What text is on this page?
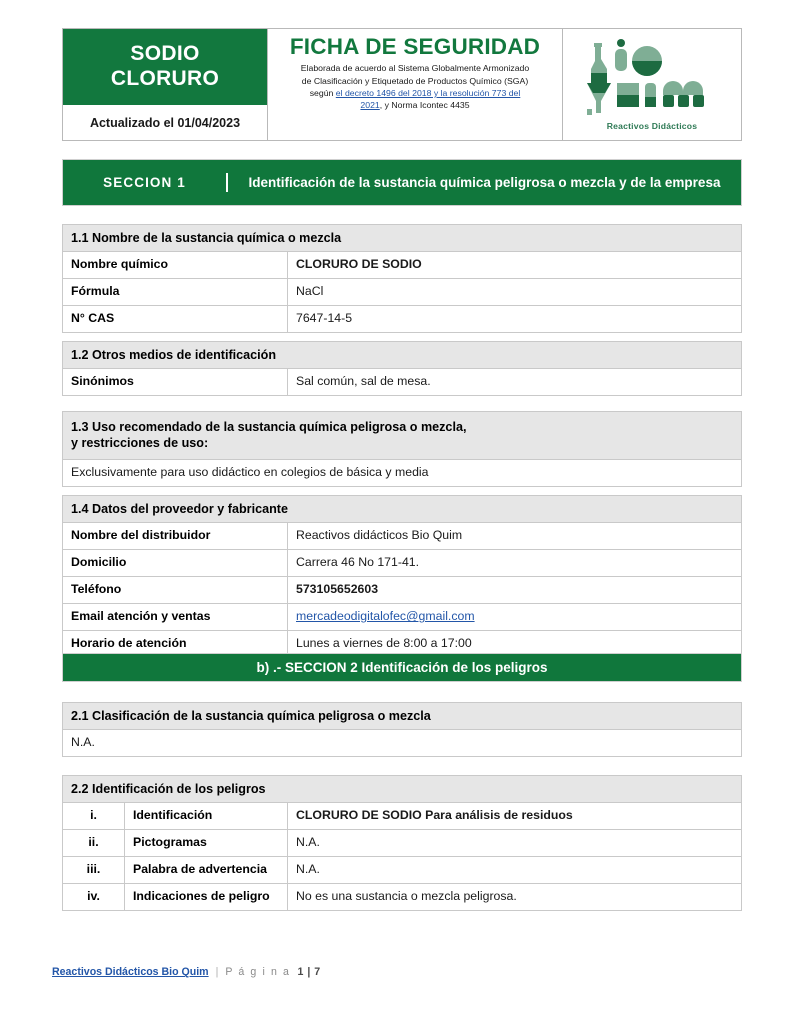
SODIO
CLORURO
Actualizado el 01/04/2023
FICHA DE SEGURIDAD
Elaborada de acuerdo al Sistema Globalmente Armonizado
de Clasificación y Etiquetado de Productos Químico (SGA)
según el decreto 1496 del 2018 y la resolución 773 del
2021, y Norma Icontec 4435
Reactivos Didácticos
SECCION 1	Identificación de la sustancia química peligrosa o mezcla y de la empresa
1.1 Nombre de la sustancia química o mezcla	
Nombre químico	CLORURO DE SODIO
Fórmula	NaCl
N° CAS	7647-14-5
1.2 Otros medios de identificación
Sinónimos	Sal común, sal de mesa.
1.3 Uso recomendado de la sustancia química peligrosa o mezcla,
y restricciones de uso:
Exclusivamente para uso didáctico en colegios de básica y media
1.4 Datos del proveedor y fabricante	
Nombre del distribuidor	Reactivos didácticos Bio Quim
Domicilio	Carrera 46 No 171-41.
Teléfono	573105652603
Email atención y ventas	mercadeodigitalofec@gmail.com
Horario de atención	Lunes a viernes de 8:00 a 17:00
b) .- SECCION 2 Identificación de los peligros
2.1 Clasificación de la sustancia química peligrosa o mezcla
N.A.
2.2 Identificación de los peligros		
i.	Identificación	CLORURO DE SODIO Para análisis de residuos
ii.	Pictogramas	N.A.
iii.	Palabra de advertencia	N.A.
iv.	Indicaciones de peligro	No es una sustancia o mezcla peligrosa.
Reactivos Didácticos Bio Quim | P á g i n a 1 | 7
